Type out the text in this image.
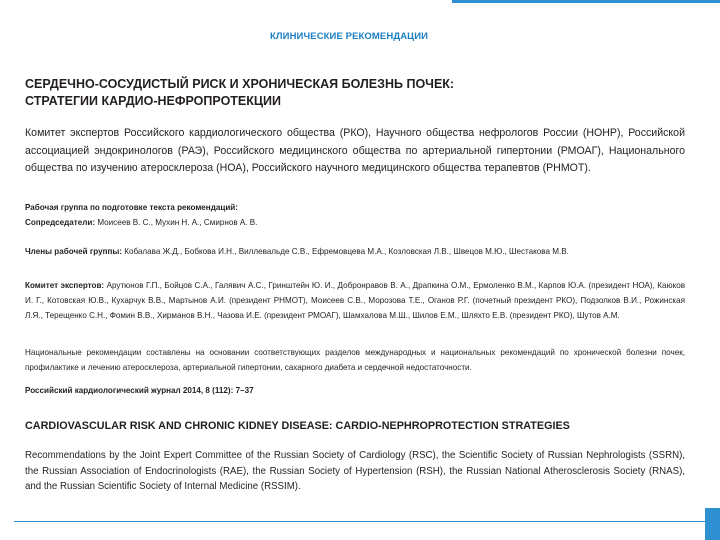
КЛИНИЧЕСКИЕ РЕКОМЕНДАЦИИ
СЕРДЕЧНО-СОСУДИСТЫЙ РИСК И ХРОНИЧЕСКАЯ БОЛЕЗНЬ ПОЧЕК:
СТРАТЕГИИ КАРДИО-НЕФРОПРОТЕКЦИИ
Комитет экспертов Российского кардиологического общества (РКО), Научного общества нефрологов России (НОНР), Российской ассоциацией эндокринологов (РАЭ), Российского медицинского общества по артериальной гипертонии (РМОАГ), Национального общества по изучению атеросклероза (НОА), Российского научного медицинского общества терапевтов (РНМОТ).
Рабочая группа по подготовке текста рекомендаций:
Сопредседатели: Моисеев В. С., Мухин Н. А., Смирнов А. В.
Члены рабочей группы: Кобалава Ж.Д., Бобкова И.Н., Виллевальде С.В., Ефремовцева М.А., Козловская Л.В., Швецов М.Ю., Шестакова М.В.
Комитет экспертов: Арутюнов Г.П., Бойцов С.А., Галявич А.С., Гринштейн Ю. И., Добронравов В. А., Драпкина О.М., Ермоленко В.М., Карпов Ю.А. (президент НОА), Каюков И. Г., Котовская Ю.В., Кухарчук В.В., Мартынов А.И. (президент РНМОТ), Моисеев С.В., Морозова Т.Е., Оганов Р.Г. (почетный президент РКО), Подзолков В.И., Рожинская Л.Я., Терещенко С.Н., Фомин В.В., Хирманов В.Н., Чазова И.Е. (президент РМОАГ), Шамхалова М.Ш., Шилов Е.М., Шляхто Е.В. (президент РКО), Шутов А.М.
Национальные рекомендации составлены на основании соответствующих разделов международных и национальных рекомендаций по хронической болезни почек, профилактике и лечению атеросклероза, артериальной гипертонии, сахарного диабета и сердечной недостаточности.
Российский кардиологический журнал 2014, 8 (112): 7–37
CARDIOVASCULAR RISK AND CHRONIC KIDNEY DISEASE: CARDIO-NEPHROPROTECTION STRATEGIES
Recommendations by the Joint Expert Committee of the Russian Society of Cardiology (RSC), the Scientific Society of Russian Nephrologists (SSRN), the Russian Association of Endocrinologists (RAE), the Russian Society of Hypertension (RSH), the Russian National Atherosclerosis Society (RNAS), and the Russian Scientific Society of Internal Medicine (RSSIM).
